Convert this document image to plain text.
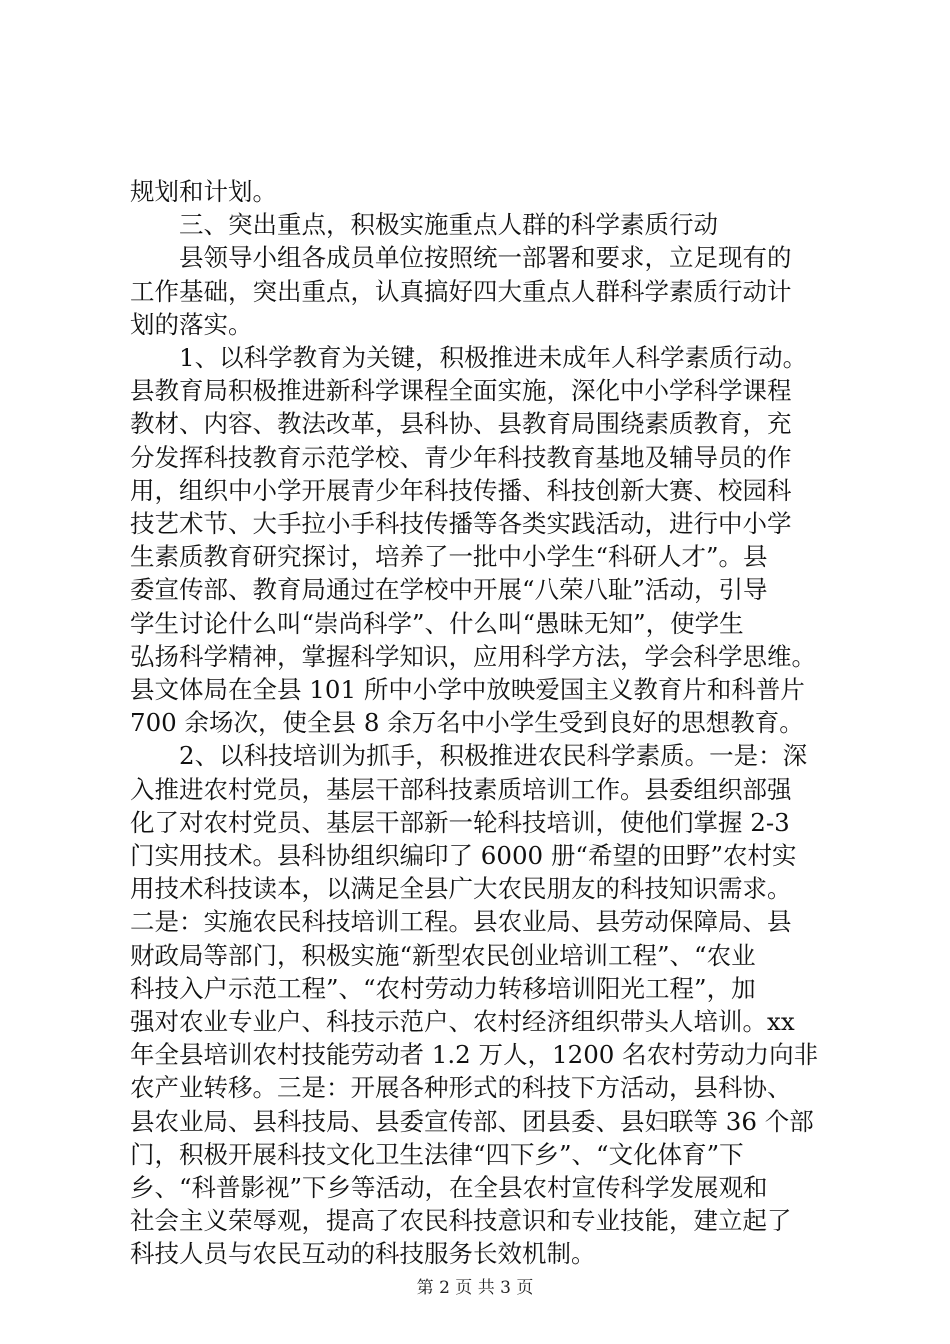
规划和计划。
　　三、突出重点，积极实施重点人群的科学素质行动
　　县领导小组各成员单位按照统一部署和要求，立足现有的
工作基础，突出重点，认真搞好四大重点人群科学素质行动计
划的落实。
　　1、以科学教育为关键，积极推进未成年人科学素质行动。
县教育局积极推进新科学课程全面实施，深化中小学科学课程
教材、内容、教法改革，县科协、县教育局围绕素质教育，充
分发挥科技教育示范学校、青少年科技教育基地及辅导员的作
用，组织中小学开展青少年科技传播、科技创新大赛、校园科
技艺术节、大手拉小手科技传播等各类实践活动，进行中小学
生素质教育研究探讨，培养了一批中小学生“科研人才”。县
委宣传部、教育局通过在学校中开展“八荣八耻”活动，引导
学生讨论什么叫“崇尚科学”、什么叫“愚昧无知”，使学生
弘扬科学精神，掌握科学知识，应用科学方法，学会科学思维。
县文体局在全县 101 所中小学中放映爱国主义教育片和科普片
700 余场次，使全县 8 余万名中小学生受到良好的思想教育。
　　2、以科技培训为抓手，积极推进农民科学素质。一是：深
入推进农村党员，基层干部科技素质培训工作。县委组织部强
化了对农村党员、基层干部新一轮科技培训，使他们掌握 2-3
门实用技术。县科协组织编印了 6000 册“希望的田野”农村实
用技术科技读本，以满足全县广大农民朋友的科技知识需求。
二是：实施农民科技培训工程。县农业局、县劳动保障局、县
财政局等部门，积极实施“新型农民创业培训工程”、“农业
科技入户示范工程”、“农村劳动力转移培训阳光工程”，加
强对农业专业户、科技示范户、农村经济组织带头人培训。xx
年全县培训农村技能劳动者 1.2 万人，1200 名农村劳动力向非
农产业转移。三是：开展各种形式的科技下方活动，县科协、
县农业局、县科技局、县委宣传部、团县委、县妇联等 36 个部
门，积极开展科技文化卫生法律“四下乡”、“文化体育”下
乡、“科普影视”下乡等活动，在全县农村宣传科学发展观和
社会主义荣辱观，提高了农民科技意识和专业技能，建立起了
科技人员与农民互动的科技服务长效机制。
第 2 页 共 3 页
